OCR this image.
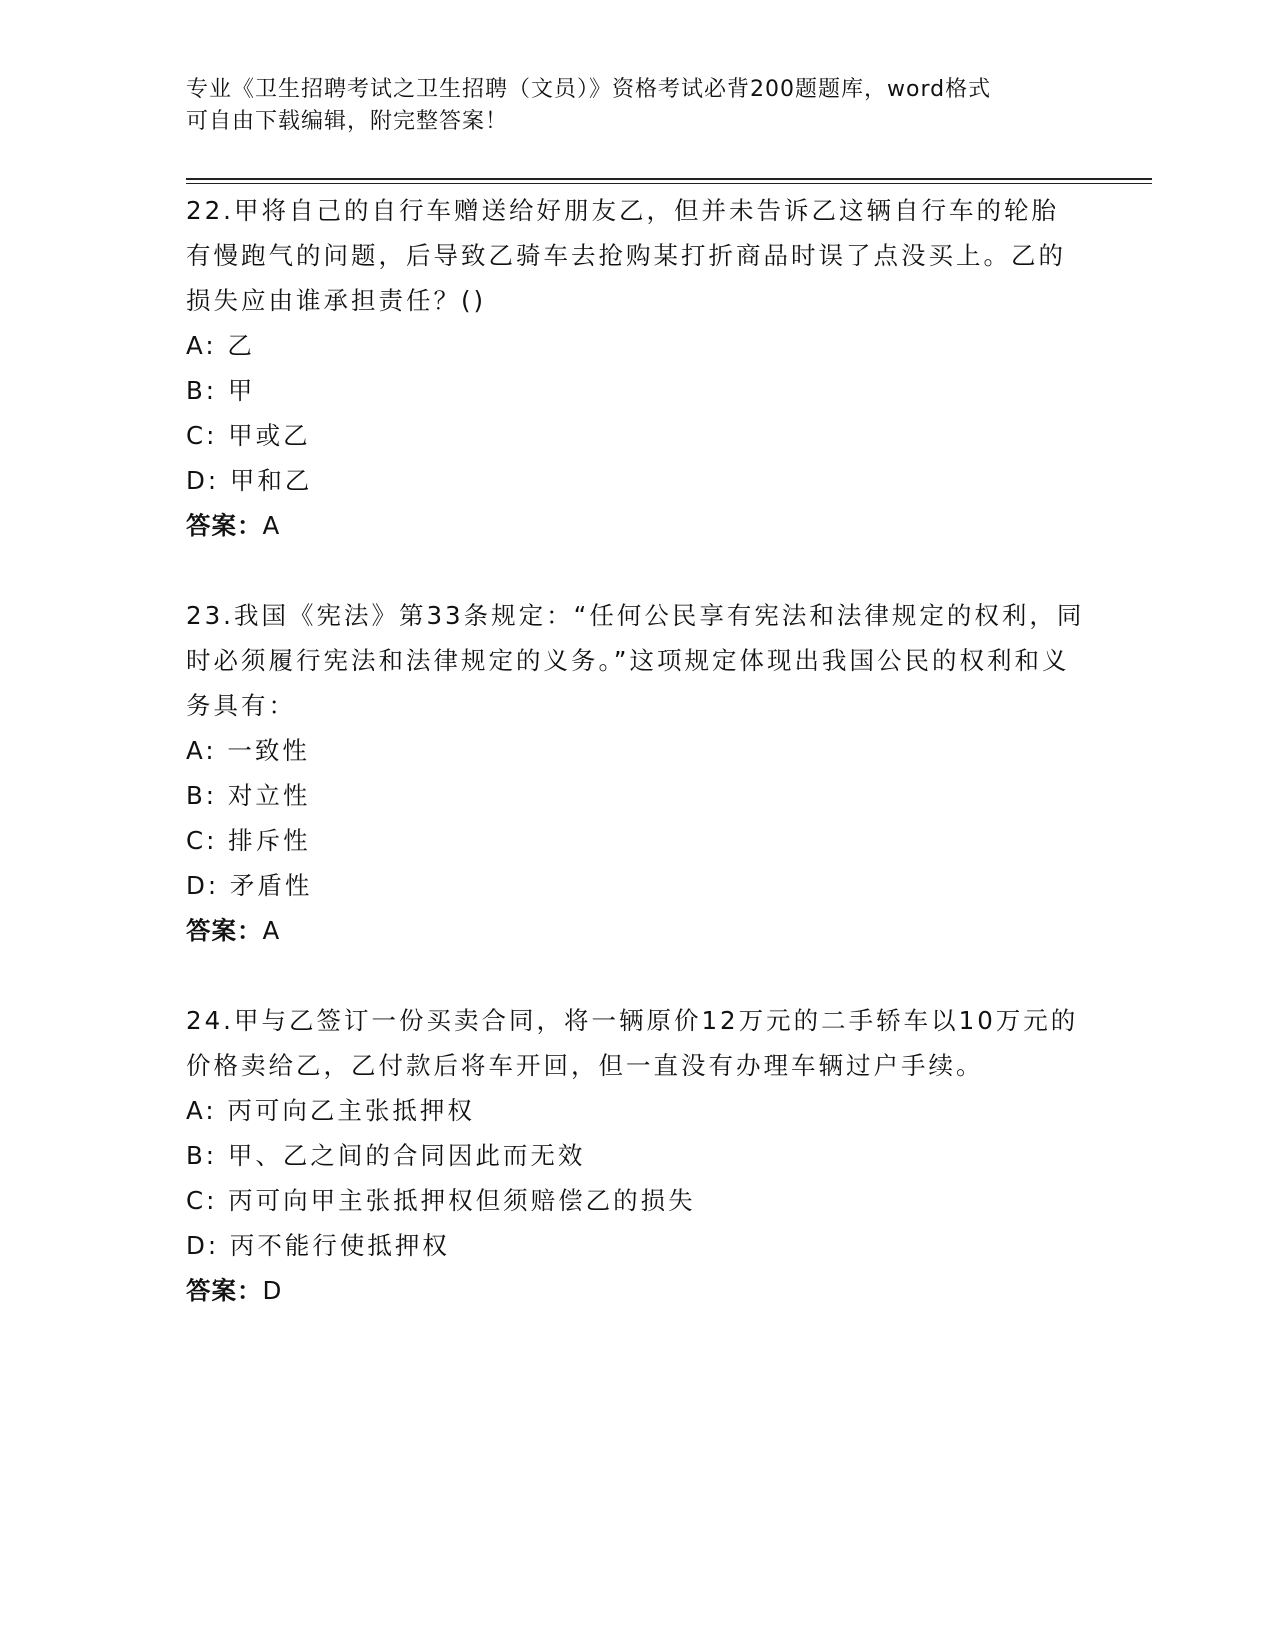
专业《卫生招聘考试之卫生招聘（文员）》资格考试必背200题题库，word格式
可自由下载编辑，附完整答案！
22.甲将自己的自行车赠送给好朋友乙，但并未告诉乙这辆自行车的轮胎有慢跑气的问题，后导致乙骑车去抢购某打折商品时误了点没买上。乙的损失应由谁承担责任？()
A: 乙
B: 甲
C: 甲或乙
D: 甲和乙
答案：A
23.我国《宪法》第33条规定：“任何公民享有宪法和法律规定的权利，同时必须履行宪法和法律规定的义务。”这项规定体现出我国公民的权利和义务具有：
A: 一致性
B: 对立性
C: 排斥性
D: 矛盾性
答案：A
24.甲与乙签订一份买卖合同，将一辆原价12万元的二手轿车以10万元的价格卖给乙，乙付款后将车开回，但一直没有办理车辆过户手续。
A: 丙可向乙主张抵押权
B: 甲、乙之间的合同因此而无效
C: 丙可向甲主张抵押权但须赔偿乙的损失
D: 丙不能行使抵押权
答案：D
